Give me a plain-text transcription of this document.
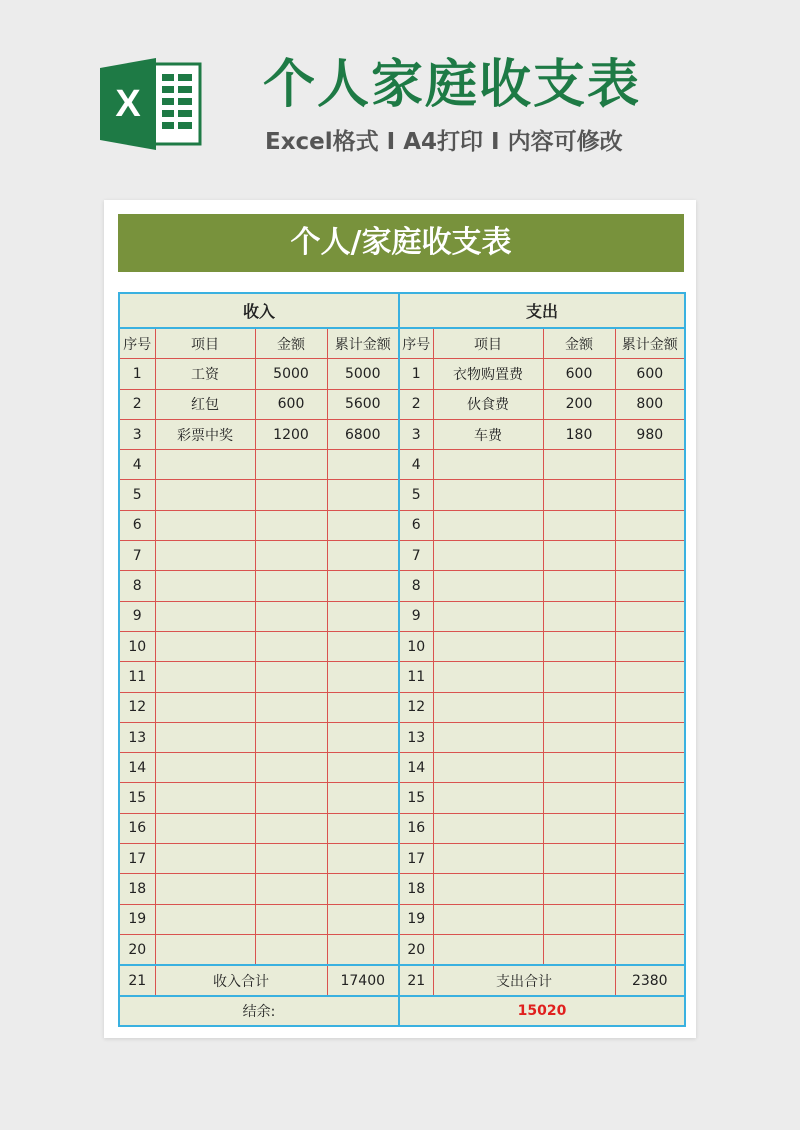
X 个人家庭收支表
Excel格式 Ⅰ A4打印 Ⅰ 内容可修改
个人/家庭收支表
收入				支出			
序号	项目	金额	累计金额	序号	项目	金额	累计金额
1	工资	5000	5000	1	衣物购置费	600	600
2	红包	600	5600	2	伙食费	200	800
3	彩票中奖	1200	6800	3	车费	180	980
4				4			
5				5			
6				6			
7				7			
8				8			
9				9			
10				10			
11				11			
12				12			
13				13			
14				14			
15				15			
16				16			
17				17			
18				18			
19				19			
20				20			
21	收入合计		17400	21	支出合计		2380
结余:				15020			
